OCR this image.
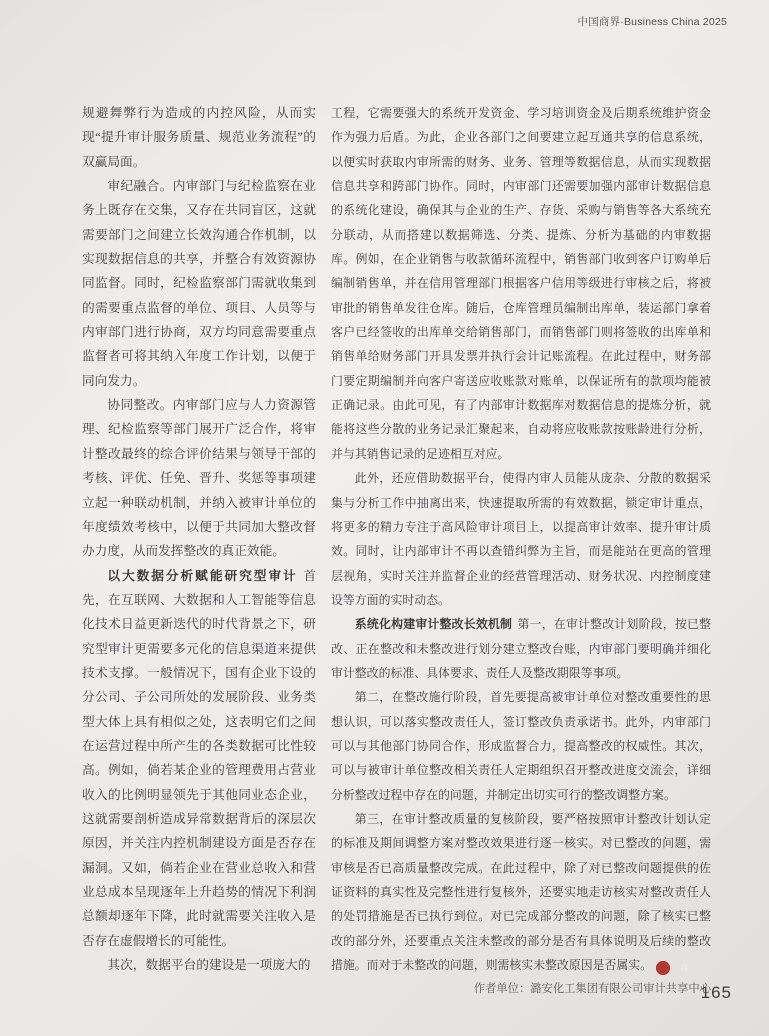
中国商界·Business China 2025

规避舞弊行为造成的内控风险，从而实现“提升审计服务质量、规范业务流程”的双赢局面。

审纪融合。内审部门与纪检监察在业务上既存在交集，又存在共同盲区，这就需要部门之间建立长效沟通合作机制，以实现数据信息的共享，并整合有效资源协同监督。同时，纪检监察部门需就收集到的需要重点监督的单位、项目、人员等与内审部门进行协商，双方均同意需要重点监督者可将其纳入年度工作计划，以便于同向发力。

协同整改。内审部门应与人力资源管理、纪检监察等部门展开广泛合作，将审计整改最终的综合评价结果与领导干部的考核、评优、任免、晋升、奖惩等事项建立起一种联动机制，并纳入被审计单位的年度绩效考核中，以便于共同加大整改督办力度，从而发挥整改的真正效能。

以大数据分析赋能研究型审计 首先，在互联网、大数据和人工智能等信息化技术日益更新迭代的时代背景之下，研究型审计更需要多元化的信息渠道来提供技术支撑。一般情况下，国有企业下设的分公司、子公司所处的发展阶段、业务类型大体上具有相似之处，这表明它们之间在运营过程中所产生的各类数据可比性较高。例如，倘若某企业的管理费用占营业收入的比例明显领先于其他同业态企业，这就需要剖析造成异常数据背后的深层次原因，并关注内控机制建设方面是否存在漏洞。又如，倘若企业在营业总收入和营业总成本呈现逐年上升趋势的情况下利润总额却逐年下降，此时就需要关注收入是否存在虚假增长的可能性。

其次，数据平台的建设是一项庞大的

工程，它需要强大的系统开发资金、学习培训资金及后期系统维护资金作为强力后盾。为此，企业各部门之间要建立起互通共享的信息系统，以便实时获取内审所需的财务、业务、管理等数据信息，从而实现数据信息共享和跨部门协作。同时，内审部门还需要加强内部审计数据信息的系统化建设，确保其与企业的生产、存货、采购与销售等各大系统充分联动，从而搭建以数据筛选、分类、提炼、分析为基础的内审数据库。例如，在企业销售与收款循环流程中，销售部门收到客户订购单后编制销售单，并在信用管理部门根据客户信用等级进行审核之后，将被审批的销售单发往仓库。随后，仓库管理员编制出库单，装运部门拿着客户已经签收的出库单交给销售部门，而销售部门则将签收的出库单和销售单给财务部门开具发票并执行会计记账流程。在此过程中，财务部门要定期编制并向客户寄送应收账款对账单，以保证所有的款项均能被正确记录。由此可见，有了内部审计数据库对数据信息的提炼分析，就能将这些分散的业务记录汇聚起来，自动将应收账款按账龄进行分析，并与其销售记录的足迹相互对应。

此外，还应借助数据平台，使得内审人员能从庞杂、分散的数据采集与分析工作中抽离出来，快速提取所需的有效数据，锁定审计重点，将更多的精力专注于高风险审计项目上，以提高审计效率、提升审计质效。同时，让内部审计不再以查错纠弊为主旨，而是能站在更高的管理层视角，实时关注并监督企业的经营管理活动、财务状况、内控制度建设等方面的实时动态。

系统化构建审计整改长效机制 第一，在审计整改计划阶段，按已整改、正在整改和未整改进行划分建立整改台账，内审部门要明确并细化审计整改的标准、具体要求、责任人及整改期限等事项。

第二，在整改施行阶段，首先要提高被审计单位对整改重要性的思想认识，可以落实整改责任人，签订整改负责承诺书。此外，内审部门可以与其他部门协同合作，形成监督合力，提高整改的权威性。其次，可以与被审计单位整改相关责任人定期组织召开整改进度交流会，详细分析整改过程中存在的问题，并制定出切实可行的整改调整方案。

第三，在审计整改质量的复核阶段，要严格按照审计整改计划认定的标准及期间调整方案对整改效果进行逐一核实。对已整改的问题，需审核是否已高质量整改完成。在此过程中，除了对已整改问题提供的佐证资料的真实性及完整性进行复核外，还要实地走访核实对整改责任人的处罚措施是否已执行到位。对已完成部分整改的问题，除了核实已整改的部分外，还要重点关注未整改的部分是否有具体说明及后续的整改措施。而对于未整改的问题，则需核实未整改原因是否属实。	商

作者单位：潞安化工集团有限公司审计共享中心

165
